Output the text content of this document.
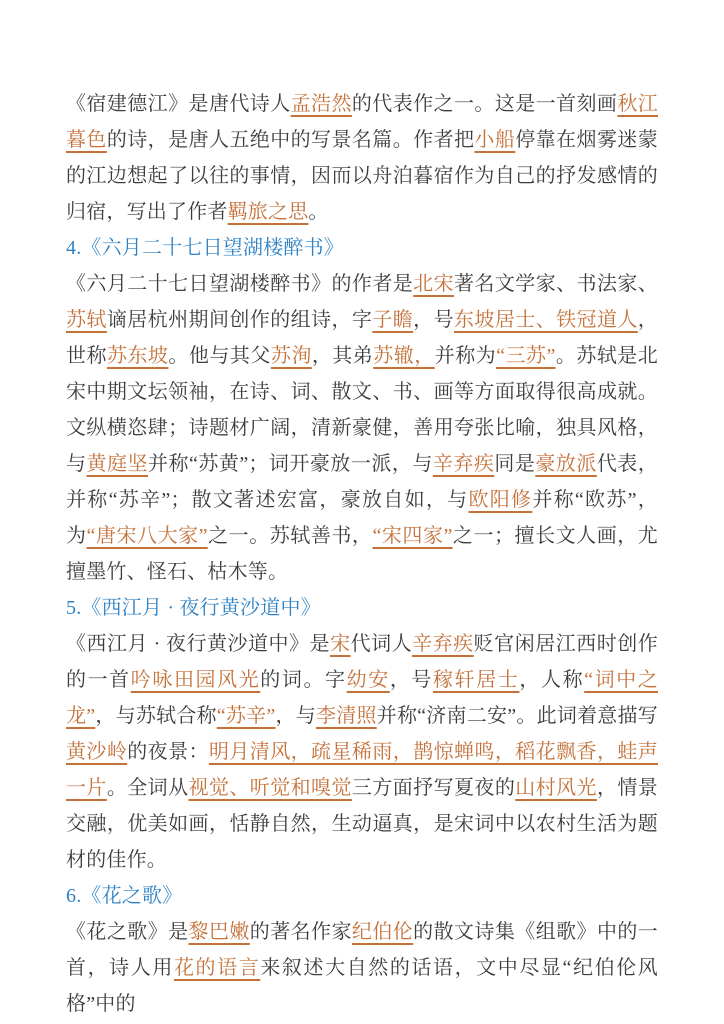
《宿建德江》是唐代诗人孟浩然的代表作之一。这是一首刻画秋江暮色的诗，是唐人五绝中的写景名篇。作者把小船停靠在烟雾迷蒙的江边想起了以往的事情，因而以舟泊暮宿作为自己的抒发感情的归宿，写出了作者羁旅之思。
4.《六月二十七日望湖楼醉书》
《六月二十七日望湖楼醉书》的作者是北宋著名文学家、书法家、苏轼谪居杭州期间创作的组诗，字子瞻，号东坡居士、铁冠道人，世称苏东坡。他与其父苏洵，其弟苏辙，并称为“三苏”。苏轼是北宋中期文坛领袖，在诗、词、散文、书、画等方面取得很高成就。文纵横恣肆；诗题材广阔，清新豪健，善用夸张比喻，独具风格，与黄庭坚并称“苏黄”；词开豪放一派，与辛弃疾同是豪放派代表，并称“苏辛”；散文著述宏富，豪放自如，与欧阳修并称“欧苏”，为“唐宋八大家”之一。苏轼善书，“宋四家”之一；擅长文人画，尤擅墨竹、怪石、枯木等。
5.《西江月 · 夜行黄沙道中》
《西江月 · 夜行黄沙道中》是宋代词人辛弃疾贬官闲居江西时创作的一首吟咏田园风光的词。字幼安，号稼轩居士，人称“词中之龙”，与苏轼合称“苏辛”，与李清照并称“济南二安”。此词着意描写黄沙岭的夜景：明月清风，疏星稀雨，鹊惊蝉鸣，稻花飘香，蛙声一片。全词从视觉、听觉和嗅觉三方面抒写夏夜的山村风光，情景交融，优美如画，恬静自然，生动逼真，是宋词中以农村生活为题材的佳作。
6.《花之歌》
《花之歌》是黎巴嫩的著名作家纪伯伦的散文诗集《组歌》中的一首，诗人用花的语言来叙述大自然的话语，文中尽显“纪伯伦风格”中的
